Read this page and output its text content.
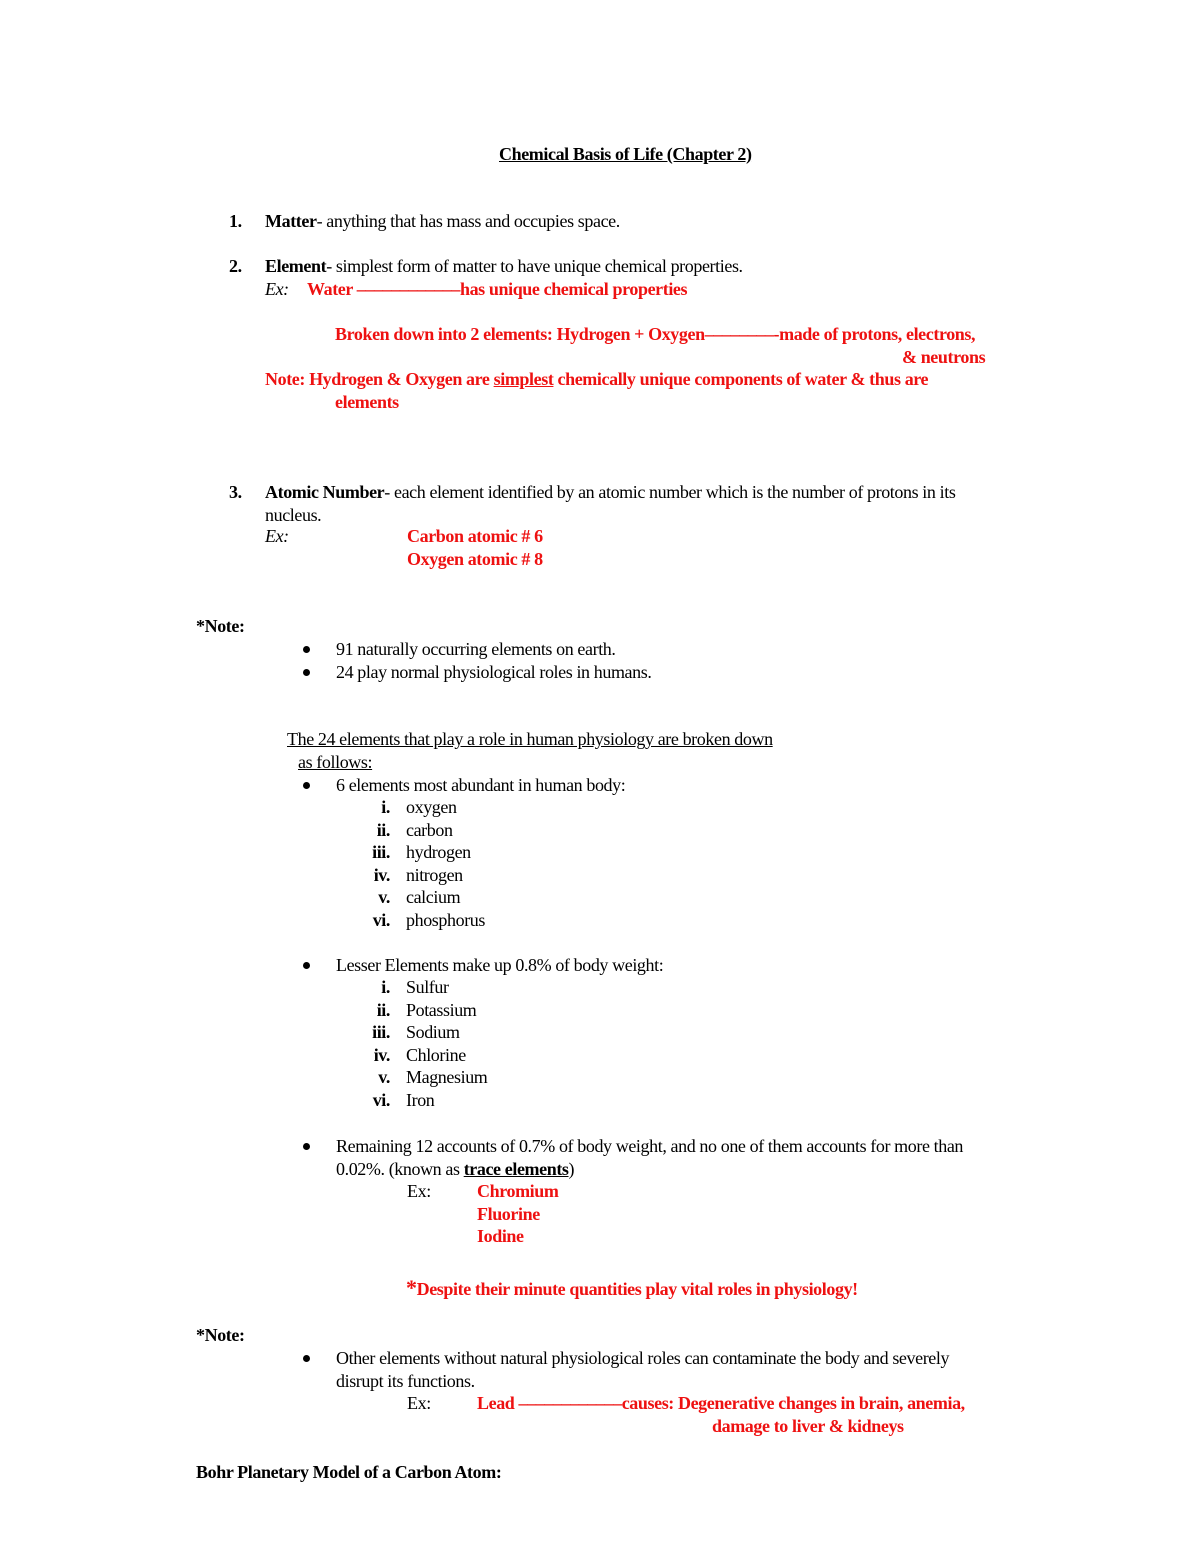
Chemical Basis of Life (Chapter 2)
1. Matter- anything that has mass and occupies space.
2. Element- simplest form of matter to have unique chemical properties.
Ex: Water ––––––––––––has unique chemical properties
Broken down into 2 elements: Hydrogen + Oxygen––––––––-made of protons, electrons,
& neutrons
Note: Hydrogen & Oxygen are simplest chemically unique components of water & thus are
elements
3. Atomic Number- each element identified by an atomic number which is the number of protons in its
nucleus.
Ex:	Carbon atomic # 6
Oxygen atomic # 8
*Note:
91 naturally occurring elements on earth.
24 play normal physiological roles in humans.
The 24 elements that play a role in human physiology are broken down
as follows:
6 elements most abundant in human body:
i. oxygen
ii. carbon
iii. hydrogen
iv. nitrogen
v. calcium
vi. phosphorus
Lesser Elements make up 0.8% of body weight:
i. Sulfur
ii. Potassium
iii. Sodium
iv. Chlorine
v. Magnesium
vi. Iron
Remaining 12 accounts of 0.7% of body weight, and no one of them accounts for more than
0.02%. (known as trace elements)
Ex:	Chromium
Fluorine
Iodine
*Despite their minute quantities play vital roles in physiology!
*Note:
Other elements without natural physiological roles can contaminate the body and severely
disrupt its functions.
Ex:	Lead ––––––––––––causes: Degenerative changes in brain, anemia,
damage to liver & kidneys
Bohr Planetary Model of a Carbon Atom:
